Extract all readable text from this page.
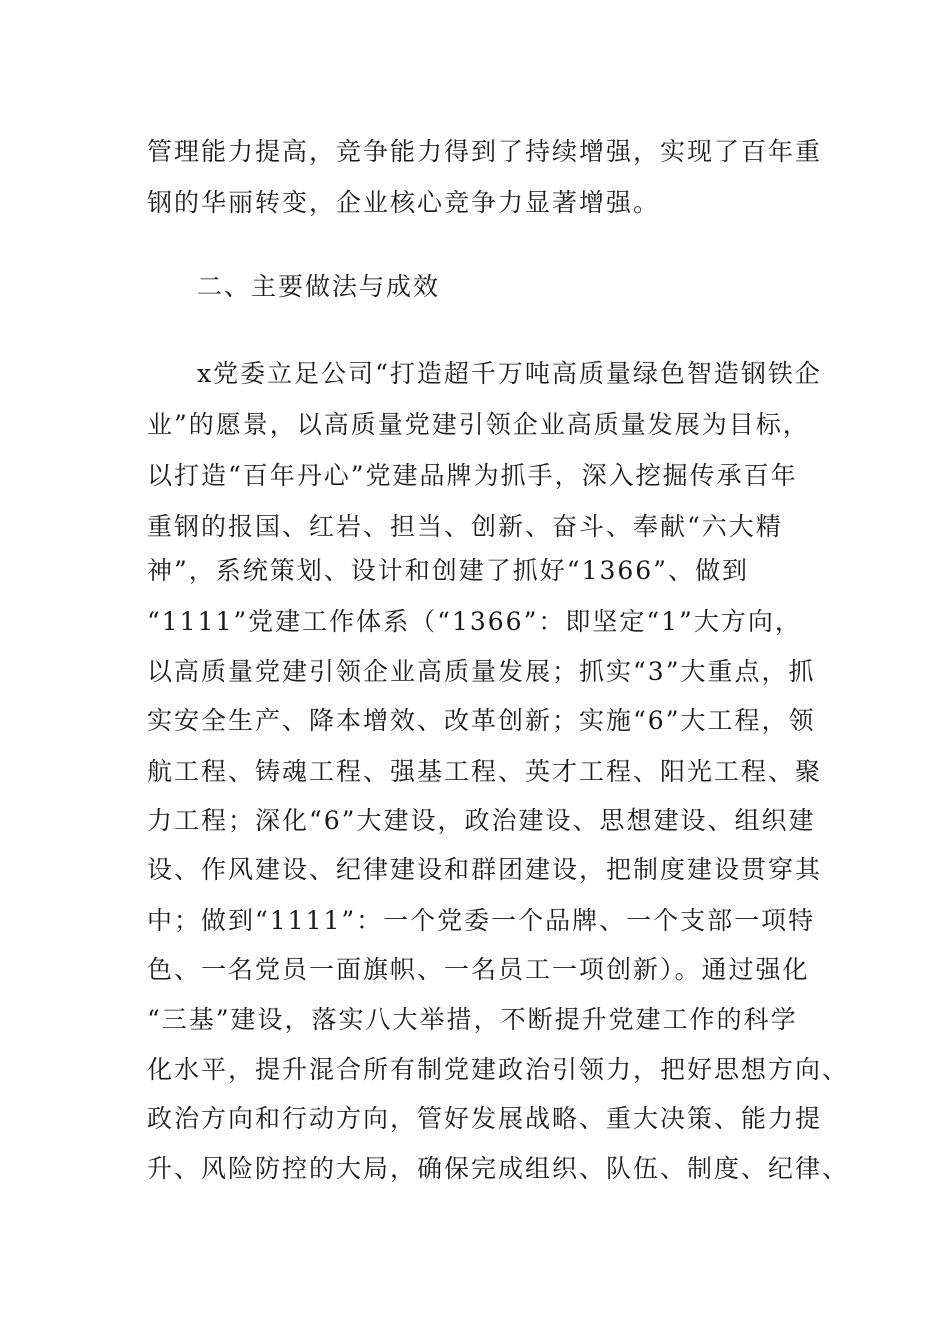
管理能力提高，竞争能力得到了持续增强，实现了百年重
钢的华丽转变，企业核心竞争力显著增强。
二、主要做法与成效
x党委立足公司“打造超千万吨高质量绿色智造钢铁企
业”的愿景，以高质量党建引领企业高质量发展为目标，
以打造“百年丹心”党建品牌为抓手，深入挖掘传承百年
重钢的报国、红岩、担当、创新、奋斗、奉献“六大精
神”，系统策划、设计和创建了抓好“1366”、做到
“1111”党建工作体系（“1366”：即坚定“1”大方向，
以高质量党建引领企业高质量发展；抓实“3”大重点，抓
实安全生产、降本增效、改革创新；实施“6”大工程，领
航工程、铸魂工程、强基工程、英才工程、阳光工程、聚
力工程；深化“6”大建设，政治建设、思想建设、组织建
设、作风建设、纪律建设和群团建设，把制度建设贯穿其
中；做到“1111”：一个党委一个品牌、一个支部一项特
色、一名党员一面旗帜、一名员工一项创新）。通过强化
“三基”建设，落实八大举措，不断提升党建工作的科学
化水平，提升混合所有制党建政治引领力，把好思想方向、
政治方向和行动方向，管好发展战略、重大决策、能力提
升、风险防控的大局，确保完成组织、队伍、制度、纪律、
